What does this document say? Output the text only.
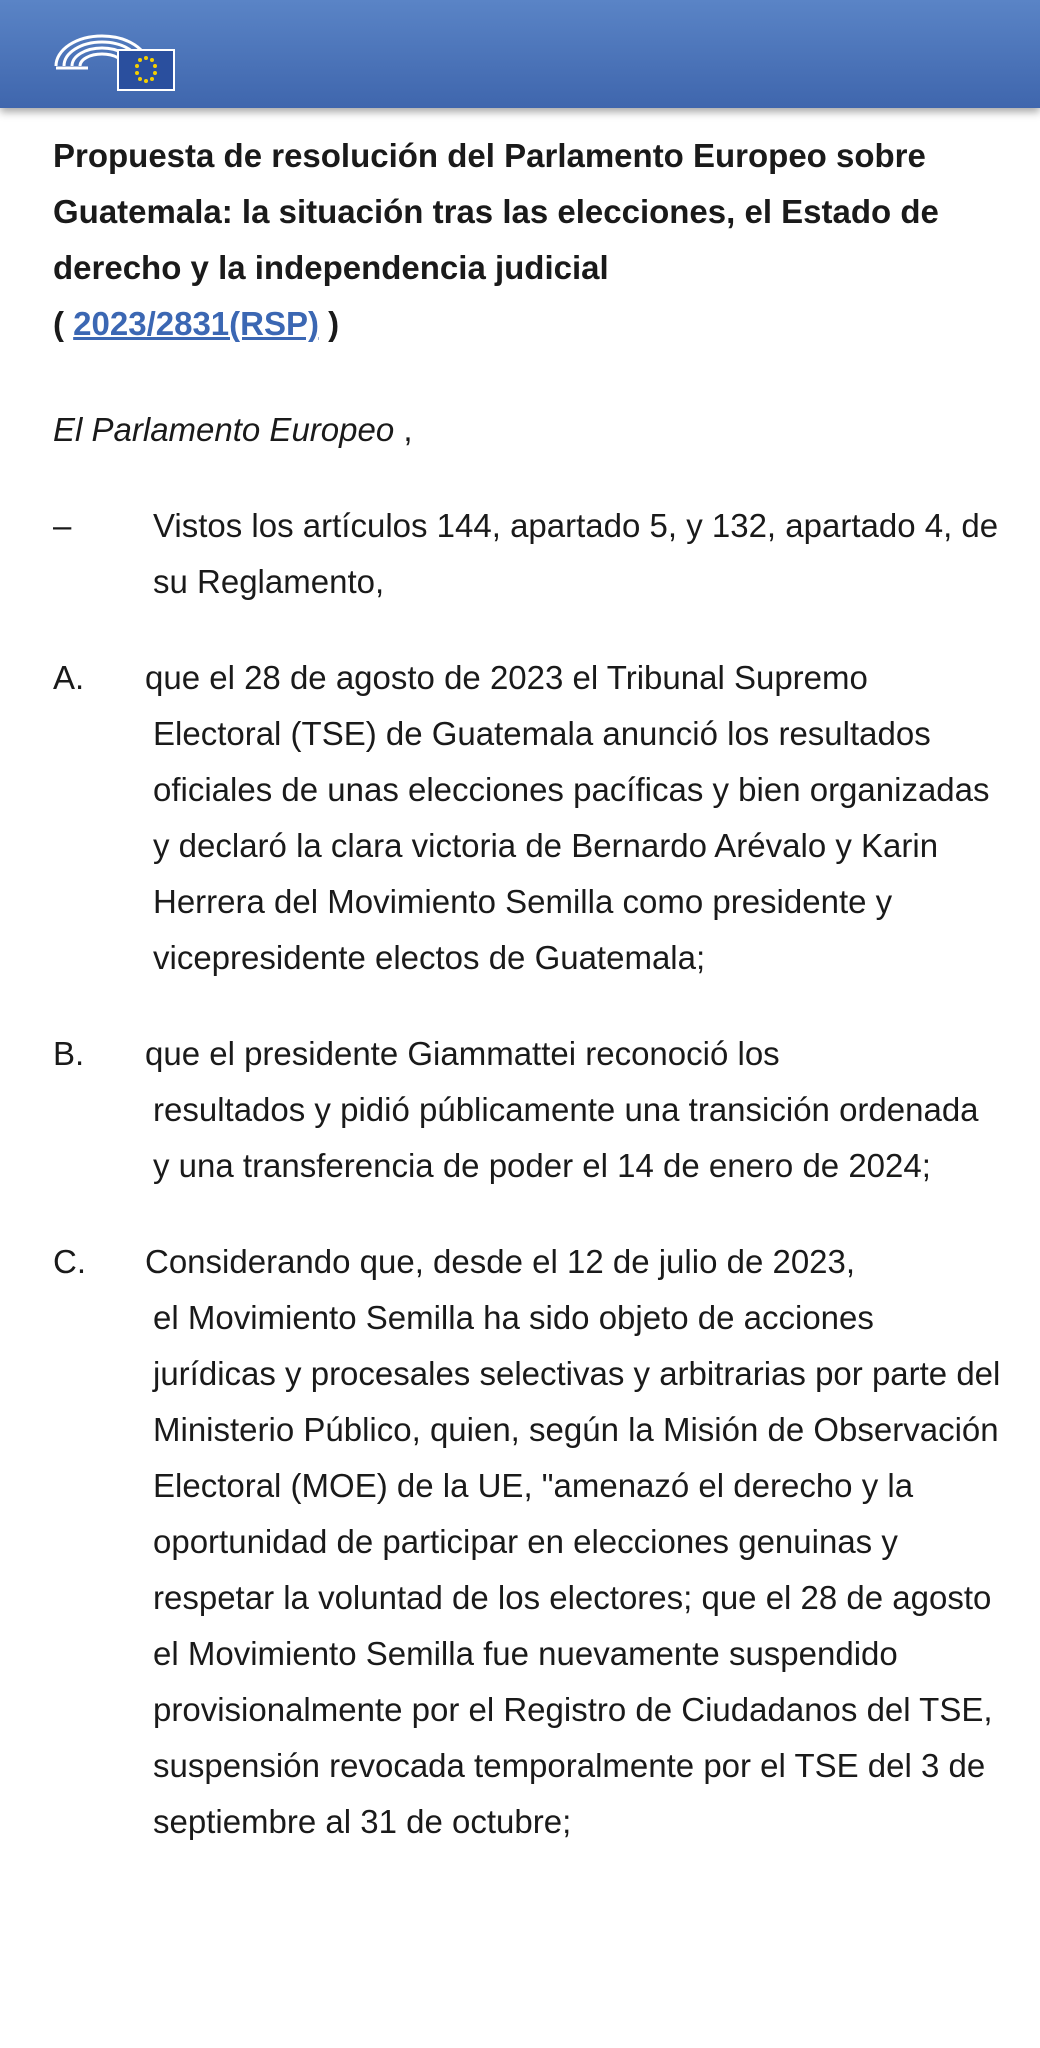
Propuesta de resolución del Parlamento Europeo sobre Guatemala: la situación tras las elecciones, el Estado de derecho y la independencia judicial
( 2023/2831(RSP) )

El Parlamento Europeo ,
– Vistos los artículos 144, apartado 5, y 132, apartado 4, de su Reglamento,
A. que el 28 de agosto de 2023 el Tribunal Supremo
Electoral (TSE) de Guatemala anunció los resultados oficiales de unas elecciones pacíficas y bien organizadas y declaró la clara victoria de Bernardo Arévalo y Karin Herrera del Movimiento Semilla como presidente y vicepresidente electos de Guatemala;
B. que el presidente Giammattei reconoció los
resultados y pidió públicamente una transición ordenada y una transferencia de poder el 14 de enero de 2024;
C. Considerando que, desde el 12 de julio de 2023,
el Movimiento Semilla ha sido objeto de acciones jurídicas y procesales selectivas y arbitrarias por parte del Ministerio Público, quien, según la Misión de Observación Electoral (MOE) de la UE, "amenazó el derecho y la oportunidad de participar en elecciones genuinas y respetar la voluntad de los electores; que el 28 de agosto el Movimiento Semilla fue nuevamente suspendido provisionalmente por el Registro de Ciudadanos del TSE, suspensión revocada temporalmente por el TSE del 3 de septiembre al 31 de octubre;
